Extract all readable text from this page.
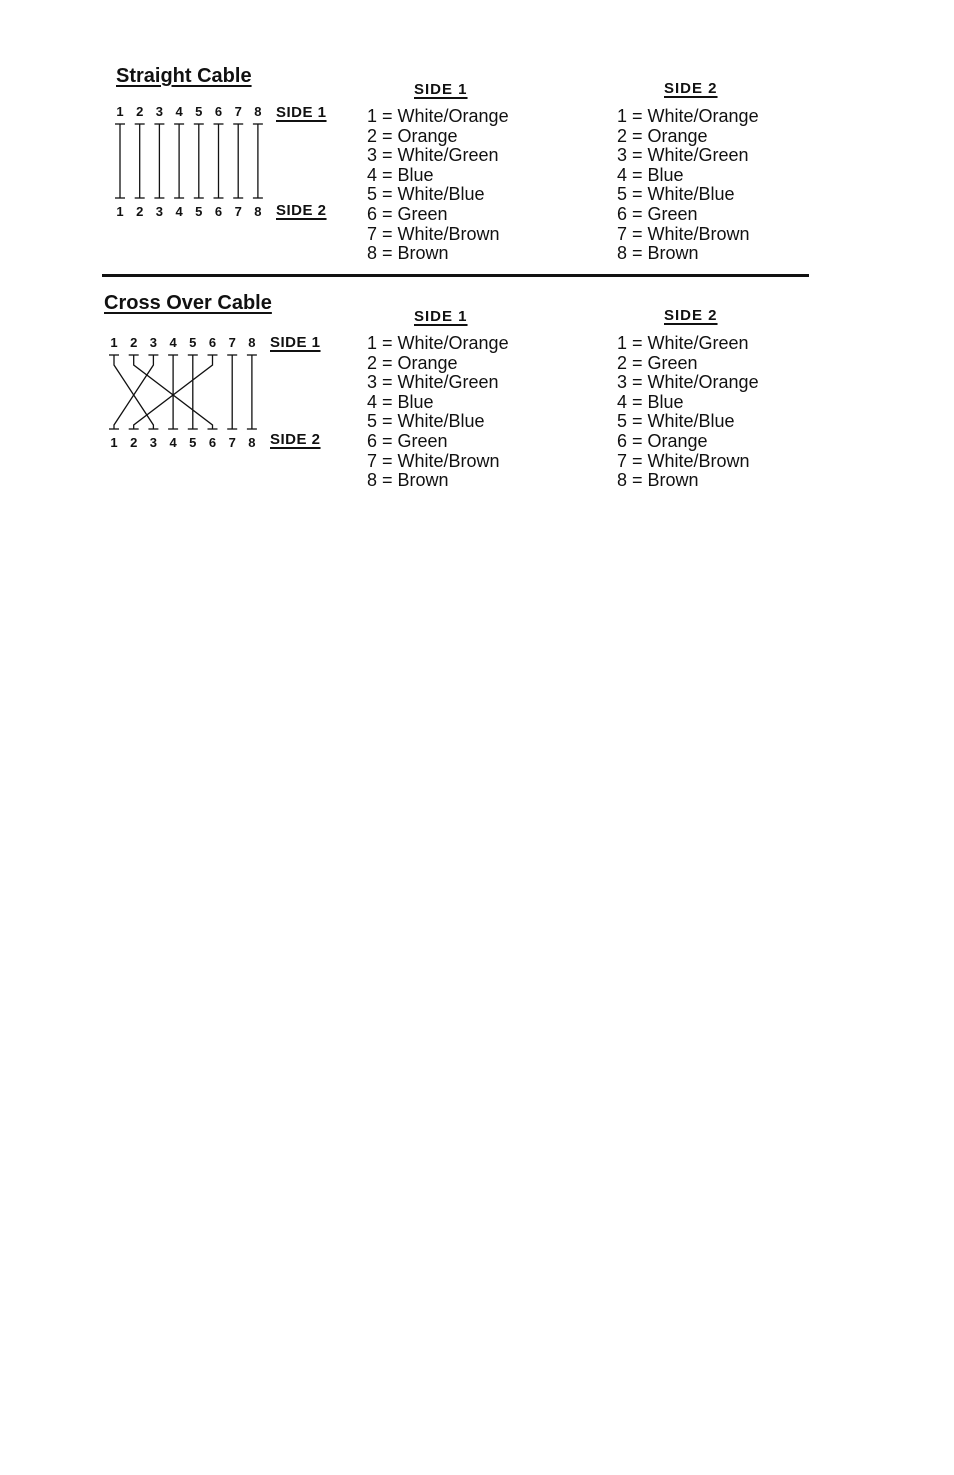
Straight Cable
1 2 3 4 5 6 7 8
1 2 3 4 5 6 7 8
SIDE 1
SIDE 2
SIDE 1
1 = White/Orange
2 = Orange
3 = White/Green
4 = Blue
5 = White/Blue
6 = Green
7 = White/Brown
8 = Brown
SIDE 2
1 = White/Orange
2 = Orange
3 = White/Green
4 = Blue
5 = White/Blue
6 = Green
7 = White/Brown
8 = Brown
Cross Over Cable
1 2 3 4 5 6 7 8
1 2 3 4 5 6 7 8
SIDE 1
SIDE 2
SIDE 1
1 = White/Orange
2 = Orange
3 = White/Green
4 = Blue
5 = White/Blue
6 = Green
7 = White/Brown
8 = Brown
SIDE 2
1 = White/Green
2 = Green
3 = White/Orange
4 = Blue
5 = White/Blue
6 = Orange
7 = White/Brown
8 = Brown
